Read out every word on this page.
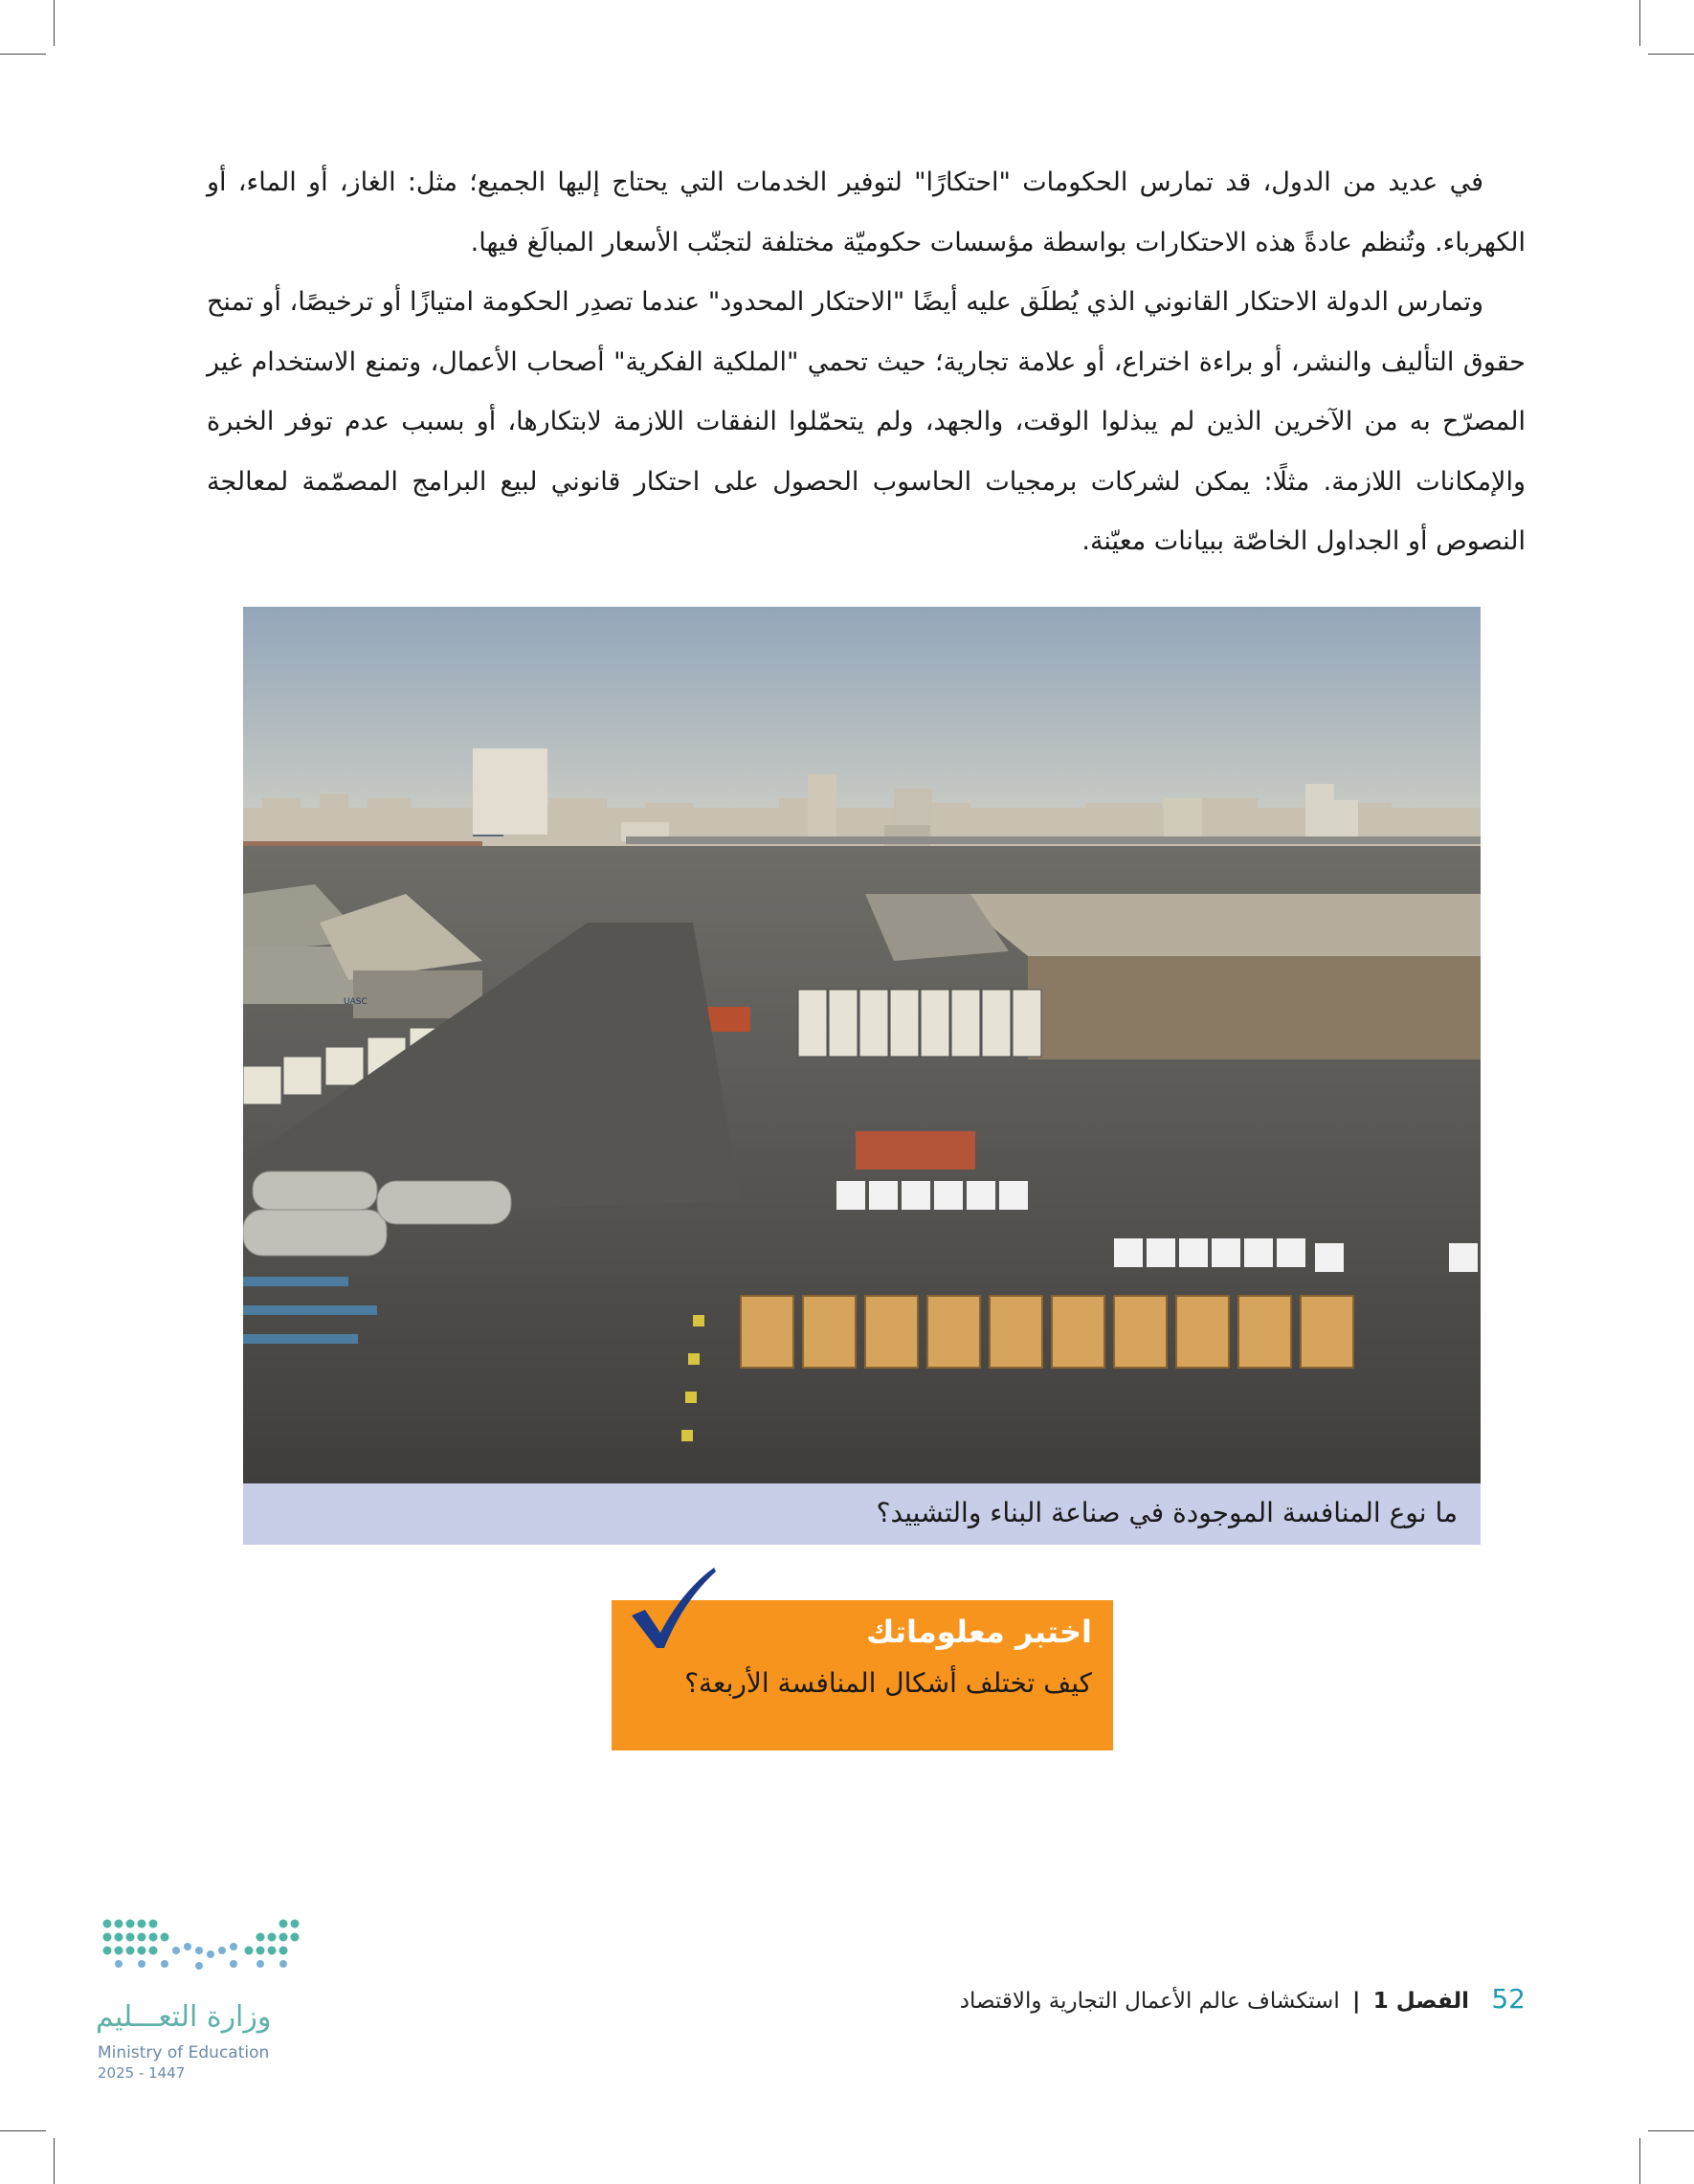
في عديد من الدول، قد تمارس الحكومات "احتكارًا" لتوفير الخدمات التي يحتاج إليها الجميع؛ مثل: الغاز، أو الماء، أو الكهرباء. وتُنظم عادةً هذه الاحتكارات بواسطة مؤسسات حكوميّة مختلفة لتجنّب الأسعار المبالَغ فيها.

وتمارس الدولة الاحتكار القانوني الذي يُطلَق عليه أيضًا "الاحتكار المحدود" عندما تصدِر الحكومة امتيازًا أو ترخيصًا، أو تمنح حقوق التأليف والنشر، أو براءة اختراع، أو علامة تجارية؛ حيث تحمي "الملكية الفكرية" أصحاب الأعمال، وتمنع الاستخدام غير المصرّح به من الآخرين الذين لم يبذلوا الوقت، والجهد، ولم يتحمّلوا النفقات اللازمة لابتكارها، أو بسبب عدم توفر الخبرة والإمكانات اللازمة. مثلًا: يمكن لشركات برمجيات الحاسوب الحصول على احتكار قانوني لبيع البرامج المصمّمة لمعالجة النصوص أو الجداول الخاصّة ببيانات معيّنة.

UASC
ما نوع المنافسة الموجودة في صناعة البناء والتشييد؟
اختبر معلوماتك
كيف تختلف أشكال المنافسة الأربعة؟
52 الفصل 1 | استكشاف عالم الأعمال التجارية والاقتصاد
وزارة التعـــليم
Ministry of Education
2025 - 1447
